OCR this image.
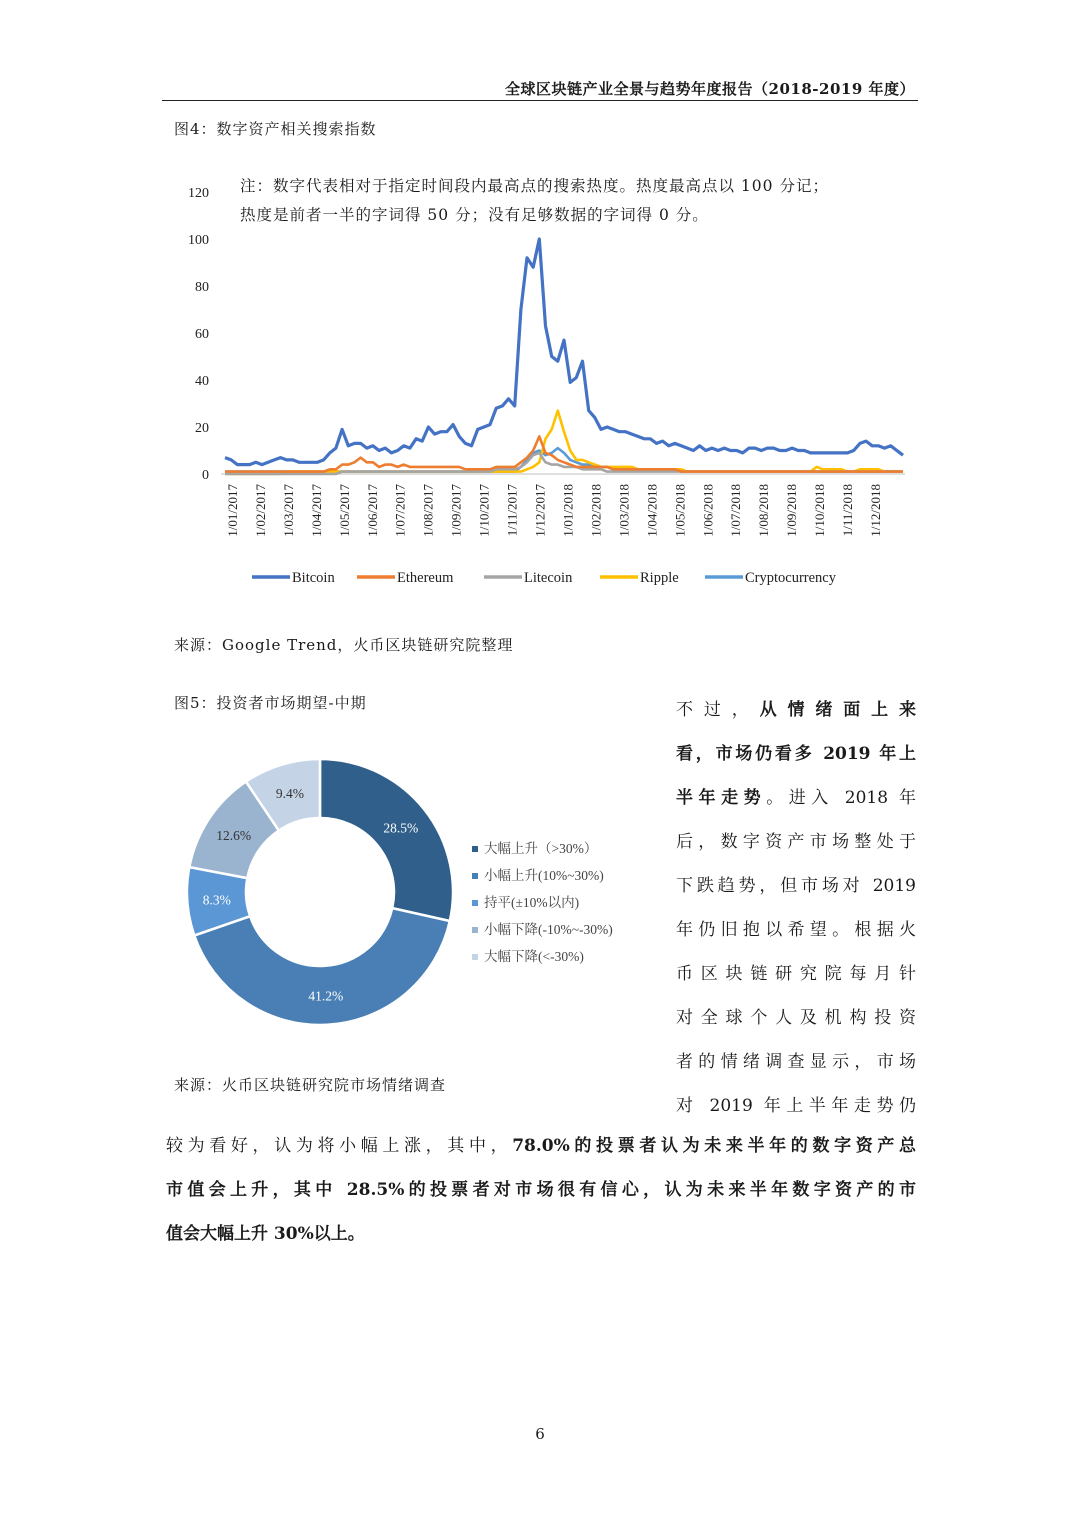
全球区块链产业全景与趋势年度报告（2018-2019 年度）
图4：数字资产相关搜索指数
0
20
40
60
80
100
120
1/01/2017 1/02/2017 1/03/2017 1/04/2017 1/05/2017 1/06/2017 1/07/2017 1/08/2017 1/09/2017 1/10/2017 1/11/2017 1/12/2017 1/01/2018 1/02/2018 1/03/2018 1/04/2018 1/05/2018 1/06/2018 1/07/2018 1/08/2018 1/09/2018 1/10/2018 1/11/2018 1/12/2018
Bitcoin	Ethereum	Litecoin	Ripple	Cryptocurrency
注：数字代表相对于指定时间段内最高点的搜索热度。热度最高点以 100 分记；
热度是前者一半的字词得 50 分；没有足够数据的字词得 0 分。
来源：Google Trend，火币区块链研究院整理
图5：投资者市场期望-中期
28.5%
41.2%
8.3%
12.6%
9.4%
大幅上升（>30%）
小幅上升(10%~30%)
持平(±10%以内)
小幅下降(-10%~-30%)
大幅下降(<-30%)
来源：火币区块链研究院市场情绪调查
不过，从情绪面上来
看，市场仍看多 2019 年上
半年走势。进入 2018 年
后，数字资产市场整处于
下跌趋势，但市场对 2019
年仍旧抱以希望。根据火
币区块链研究院每月针
对全球个人及机构投资
者的情绪调查显示，市场
对 2019 年上半年走势仍
较为看好，认为将小幅上涨，其中，78.0%的投票者认为未来半年的数字资产总
市值会上升，其中 28.5%的投票者对市场很有信心，认为未来半年数字资产的市
值会大幅上升 30%以上。
6
